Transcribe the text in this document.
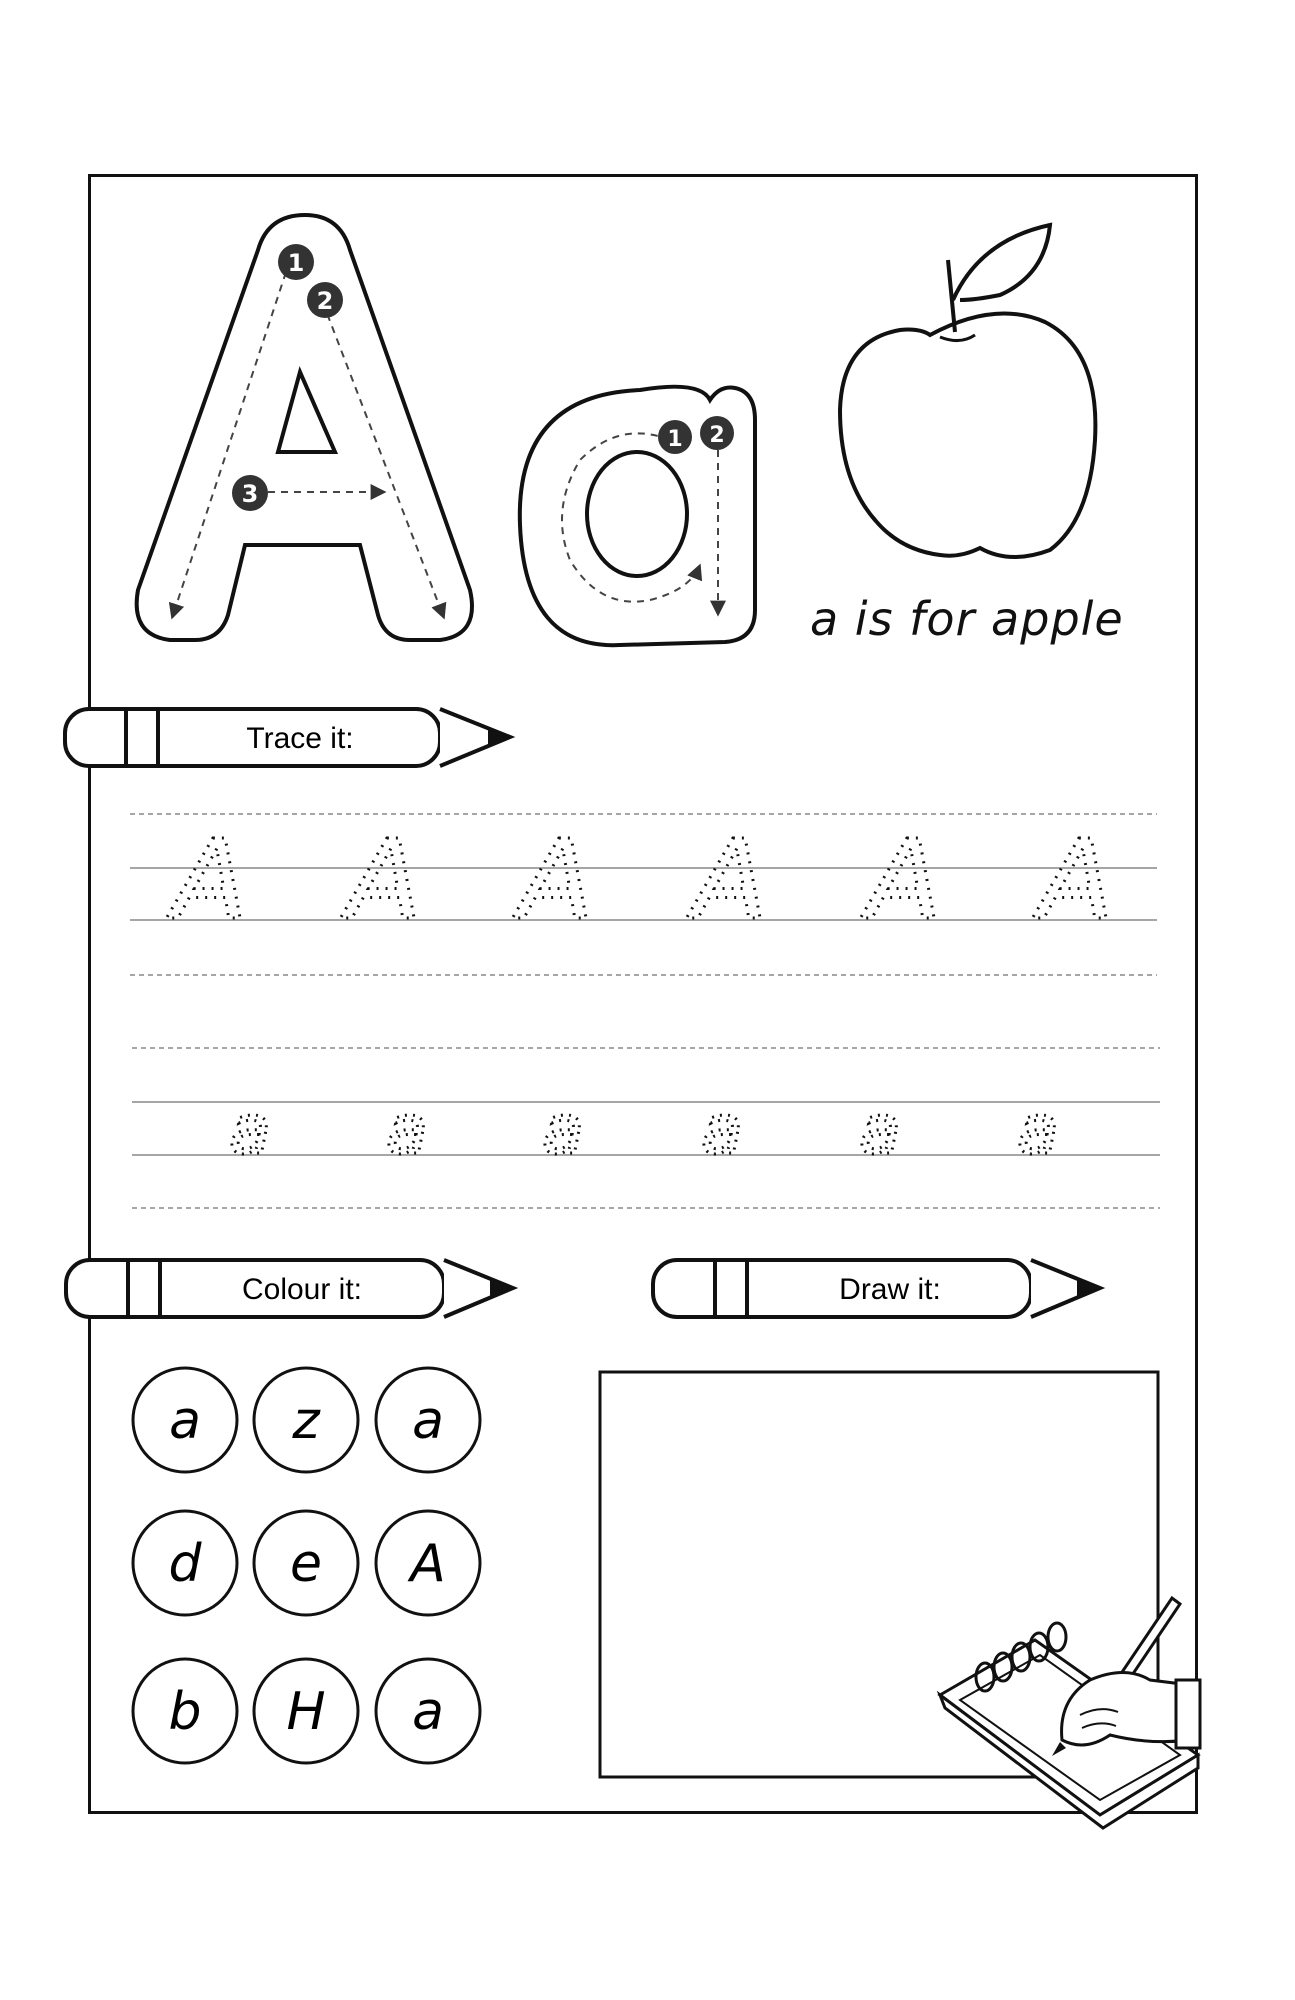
1
2
3
1 2
Trace it:
A A A A A A
a a a a a a
Colour it:	Draw it:
a z a
d e A
b H a
a is for apple
